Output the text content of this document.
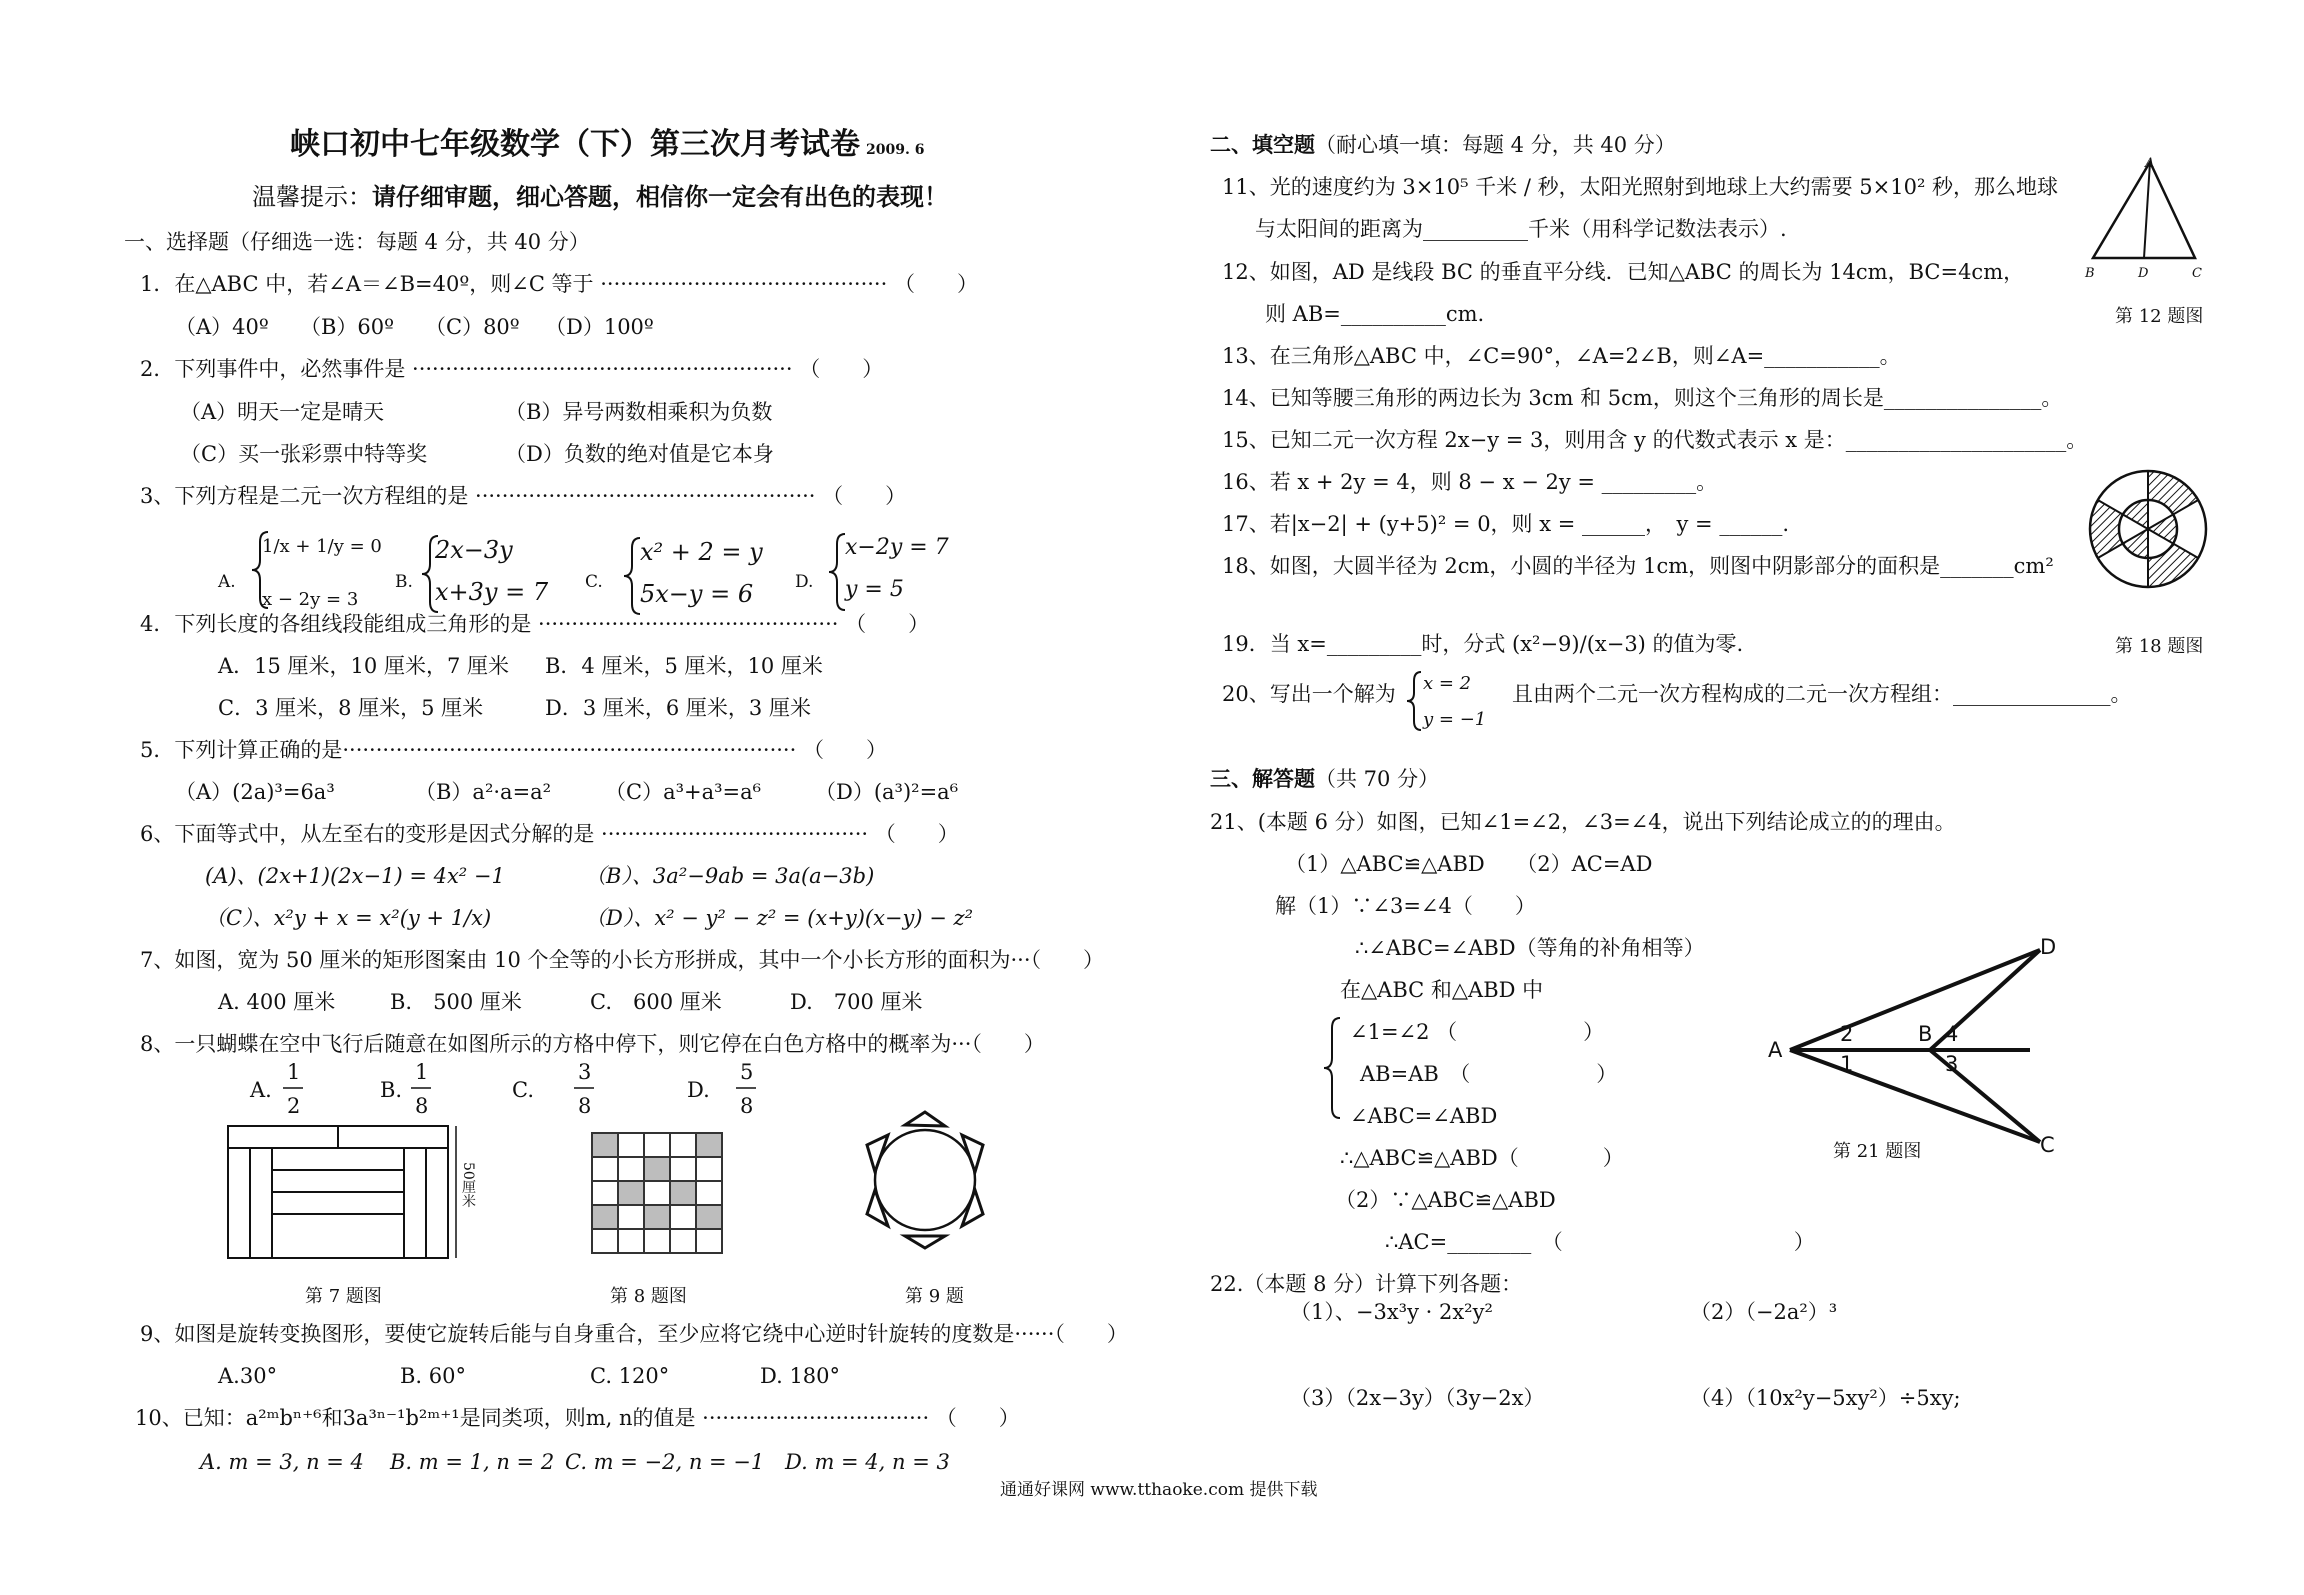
峡口初中七年级数学（下）第三次月考试卷 2009. 6
温馨提示：请仔细审题，细心答题，相信你一定会有出色的表现！
一、选择题（仔细选一选：每题 4 分，共 40 分）
1．在△ABC 中，若∠A＝∠B=40º，则∠C 等于 ··········································· （　　）
（A）40º （B）60º （C）80º （D）100º
2．下列事件中，必然事件是 ························································· （　　）
（A）明天一定是晴天	（B）异号两数相乘积为负数
（C）买一张彩票中特等奖	（D）负数的绝对值是它本身
3、下列方程是二元一次方程组的是 ··················································· （　　）
A.
1/x + 1/y = 0
x − 2y = 3
B.
2x−3y
x+3y = 7 C.
x² + 2 = y
5x−y = 6 D.
x−2y = 7
y = 5
4．下列长度的各组线段能组成三角形的是 ············································· （　　）
A．15 厘米，10 厘米，7 厘米 B．4 厘米，5 厘米，10 厘米
C．3 厘米，8 厘米，5 厘米	D．3 厘米，6 厘米，3 厘米
5．下列计算正确的是···································································· （　　）
（A）(2a)³=6a³	（B）a²·a=a²	（C）a³+a³=a⁶	（D）(a³)²=a⁶
6、下面等式中，从左至右的变形是因式分解的是 ········································ （　　）
(A)、(2x+1)(2x−1) = 4x² −1	（B）、3a²−9ab = 3a(a−3b)
（C）、x²y + x = x²(y + 1/x)	（D）、x² − y² − z² = (x+y)(x−y) − z²
7、如图，宽为 50 厘米的矩形图案由 10 个全等的小长方形拼成，其中一个小长方形的面积为···（　　）
A. 400 厘米	B.　500 厘米	C.　600 厘米	D.　700 厘米
8、一只蝴蝶在空中飞行后随意在如图所示的方格中停下，则它停在白色方格中的概率为···（　　）
A.
1
2
B.
1
8
C.
3
8
D.
5
8
50厘米
第 7 题图	第 8 题图	第 9 题
9、如图是旋转变换图形，要使它旋转后能与自身重合，至少应将它绕中心逆时针旋转的度数是······（　　）
A.30°	B. 60°	C. 120°	D. 180°
10、已知：a²ᵐbⁿ⁺⁶和3a³ⁿ⁻¹b²ᵐ⁺¹是同类项，则m, n的值是 ·································· （　　）
A. m = 3, n = 4 B. m = 1, n = 2 C. m = −2, n = −1 D. m = 4, n = 3
二、填空题（耐心填一填：每题 4 分，共 40 分）
11、光的速度约为 3×10⁵ 千米 / 秒，太阳光照射到地球上大约需要 5×10² 秒，那么地球
与太阳间的距离为__________千米（用科学记数法表示）.
12、如图，AD 是线段 BC 的垂直平分线．已知△ABC 的周长为 14cm，BC=4cm，
则 AB=__________cm.
13、在三角形△ABC 中，∠C=90°，∠A=2∠B，则∠A=___________。
14、已知等腰三角形的两边长为 3cm 和 5cm，则这个三角形的周长是_______________。
15、已知二元一次方程 2x−y = 3，则用含 y 的代数式表示 x 是：_____________________。
16、若 x + 2y = 4，则 8 − x − 2y = _________。
17、若|x−2| + (y+5)² = 0，则 x = ______，　y = ______.
18、如图，大圆半径为 2cm，小圆的半径为 1cm，则图中阴影部分的面积是_______cm²
19．当 x=_________时，分式 (x²−9)/(x−3) 的值为零.
20、写出一个解为 x = 2
y = −1
且由两个二元一次方程构成的二元一次方程组：_______________。
A
B	D	C
第 12 题图
第 18 题图
三、解答题（共 70 分）
21、(本题 6 分）如图，已知∠1=∠2，∠3=∠4，说出下列结论成立的的理由。
（1）△ABC≌△ABD　　（2）AC=AD
解（1）∵∠3=∠4（　　）
∴∠ABC=∠ABD（等角的补角相等）
在△ABC 和△ABD 中
∠1=∠2 （　　　　　　）
AB=AB　（　　　　　　）
∠ABC=∠ABD
∴△ABC≌△ABD（　　　　）
（2）∵△ABC≌△ABD
∴AC=________　（　　　　　　　　　　　）
A
B
C
D
1
2
3
4
第 21 题图
22.（本题 8 分）计算下列各题：
（1）、−3x³y · 2x²y²	（2）（−2a²）³
（3）（2x−3y）（3y−2x）	（4）（10x²y−5xy²）÷5xy;
通通好课网 www.tthaoke.com 提供下载
